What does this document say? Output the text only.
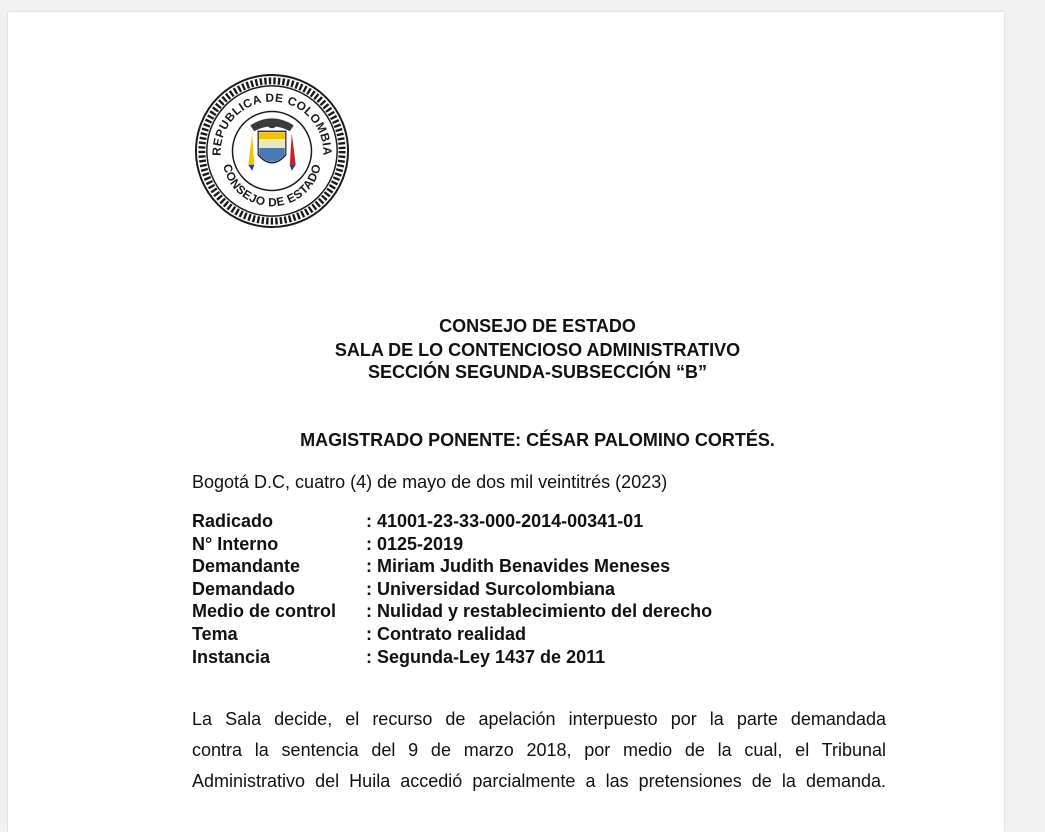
REPUBLICA DE COLOMBIA
CONSEJO DE ESTADO
CONSEJO DE ESTADO
SALA DE LO CONTENCIOSO ADMINISTRATIVO
SECCIÓN SEGUNDA-SUBSECCIÓN “B”
MAGISTRADO PONENTE: CÉSAR PALOMINO CORTÉS.
Bogotá D.C, cuatro (4) de mayo de dos mil veintitrés (2023)
Radicado	: 41001-23-33-000-2014-00341-01
N° Interno	: 0125-2019
Demandante	: Miriam Judith Benavides Meneses
Demandado	: Universidad Surcolombiana
Medio de control	: Nulidad y restablecimiento del derecho
Tema	: Contrato realidad
Instancia	: Segunda-Ley 1437 de 2011
La Sala decide, el recurso de apelación interpuesto por la parte demandada
contra la sentencia del 9 de marzo 2018, por medio de la cual, el Tribunal
Administrativo del Huila accedió parcialmente a las pretensiones de la demanda.
